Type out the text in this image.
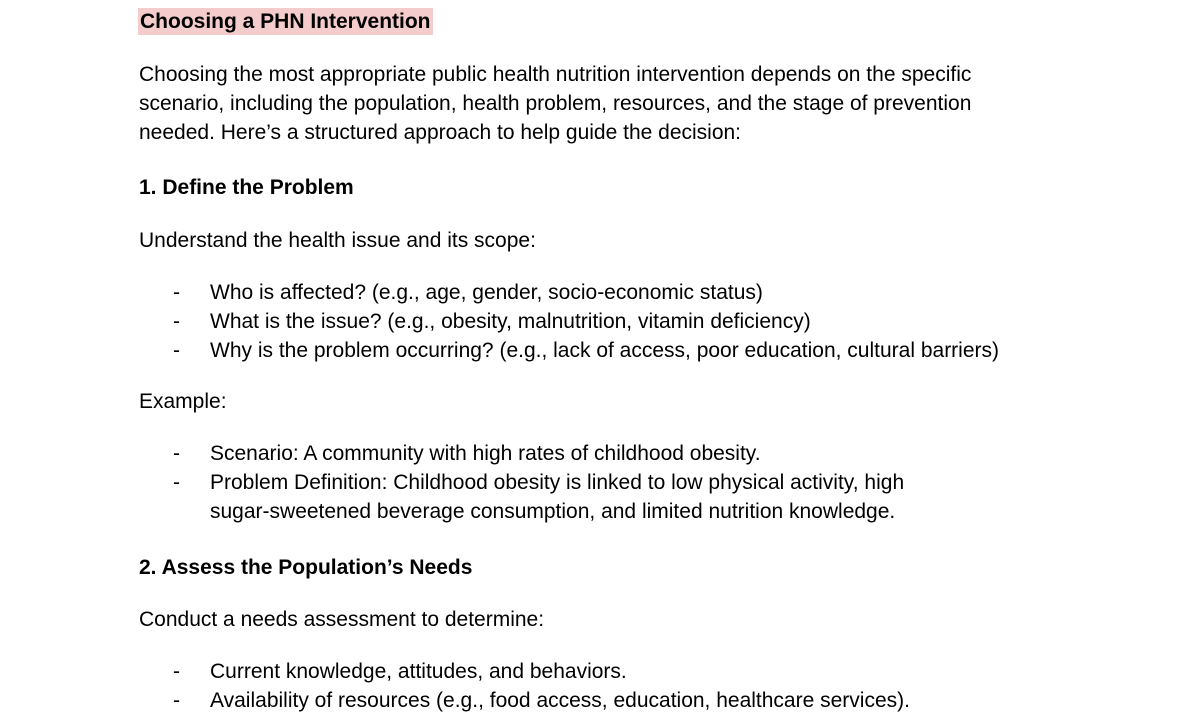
Choosing a PHN Intervention

Choosing the most appropriate public health nutrition intervention depends on the specific scenario, including the population, health problem, resources, and the stage of prevention needed. Here’s a structured approach to help guide the decision:

1. Define the Problem

Understand the health issue and its scope:

- Who is affected? (e.g., age, gender, socio-economic status)
- What is the issue? (e.g., obesity, malnutrition, vitamin deficiency)
- Why is the problem occurring? (e.g., lack of access, poor education, cultural barriers)

Example:

- Scenario: A community with high rates of childhood obesity.
- Problem Definition: Childhood obesity is linked to low physical activity, high sugar-sweetened beverage consumption, and limited nutrition knowledge.
2. Assess the Population’s Needs

Conduct a needs assessment to determine:

- Current knowledge, attitudes, and behaviors.
- Availability of resources (e.g., food access, education, healthcare services).
